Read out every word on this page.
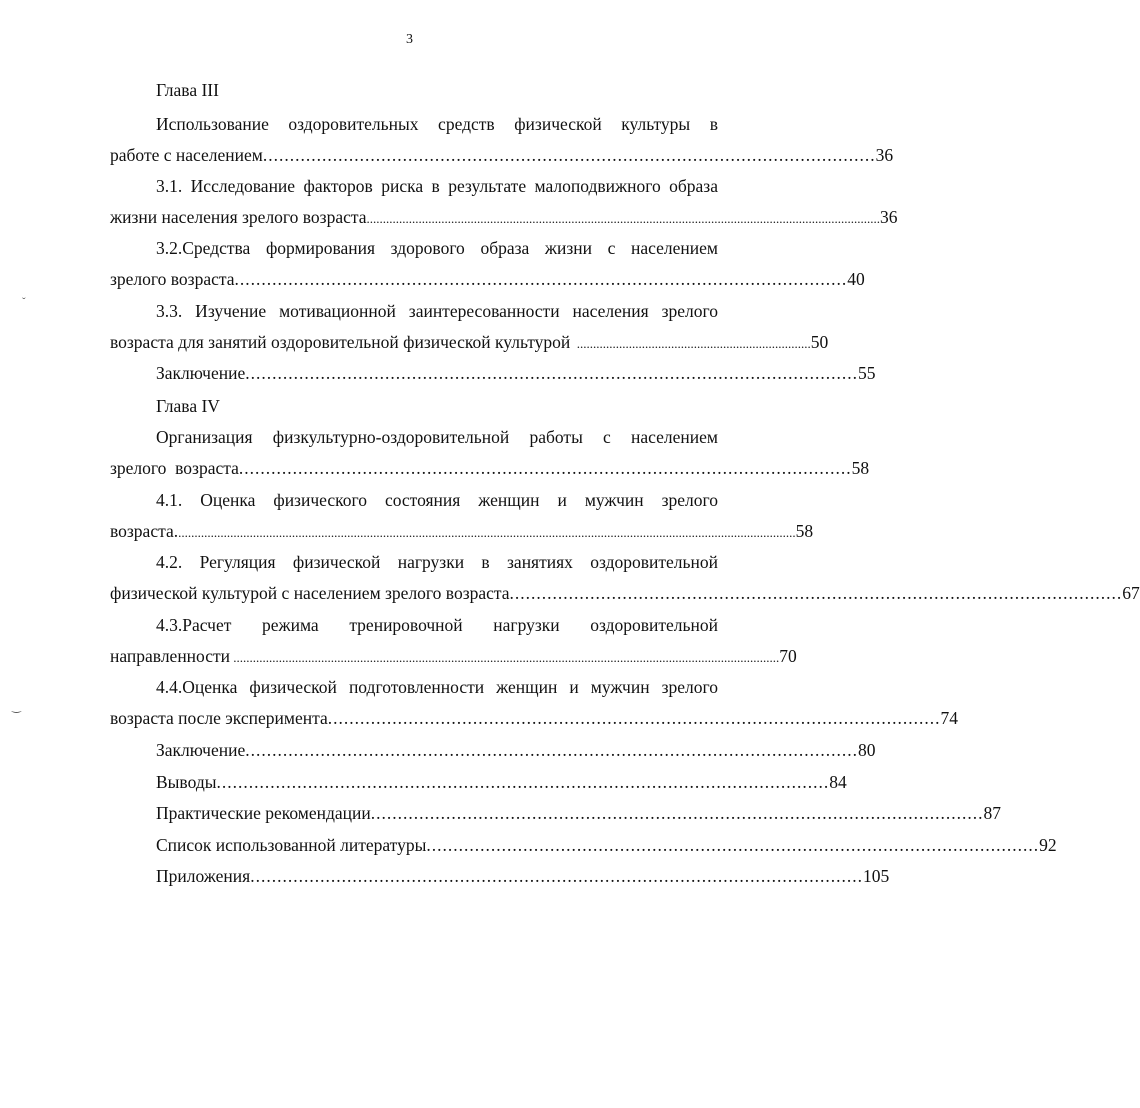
3
Глава III
Использование оздоровительных средств физической культуры в
работе с населением .................................................................................................................. 36
3.1. Исследование факторов риска в результате малоподвижного образа
жизни населения зрелого возраста .............................................................................................................................................................. 36
3.2.Средства формирования здорового образа жизни с населением
зрелого возраста .................................................................................................................. 40
3.3. Изучение мотивационной заинтересованности населения зрелого
возраста для занятий оздоровительной физической культурой ........................................................................ 50
Заключение .................................................................................................................. 55
Глава IV
Организация физкультурно-оздоровительной работы с населением
зрелого  возраста .................................................................................................................. 58
4.1. Оценка физического состояния женщин и мужчин зрелого
возраста. .............................................................................................................................................................................................. 58
4.2. Регуляция физической нагрузки в занятиях оздоровительной
физической культурой с населением зрелого возраста .................................................................................................................. 67
4.3.Расчет режима тренировочной нагрузки оздоровительной
направленности ........................................................................................................................................................................ 70
4.4.Оценка физической подготовленности женщин и мужчин зрелого
возраста после эксперимента .................................................................................................................. 74
Заключение .................................................................................................................. 80
Выводы .................................................................................................................. 84
Практические рекомендации .................................................................................................................. 87
Список использованной литературы .................................................................................................................. 92
Приложения .................................................................................................................. 105
ˇ
‿
